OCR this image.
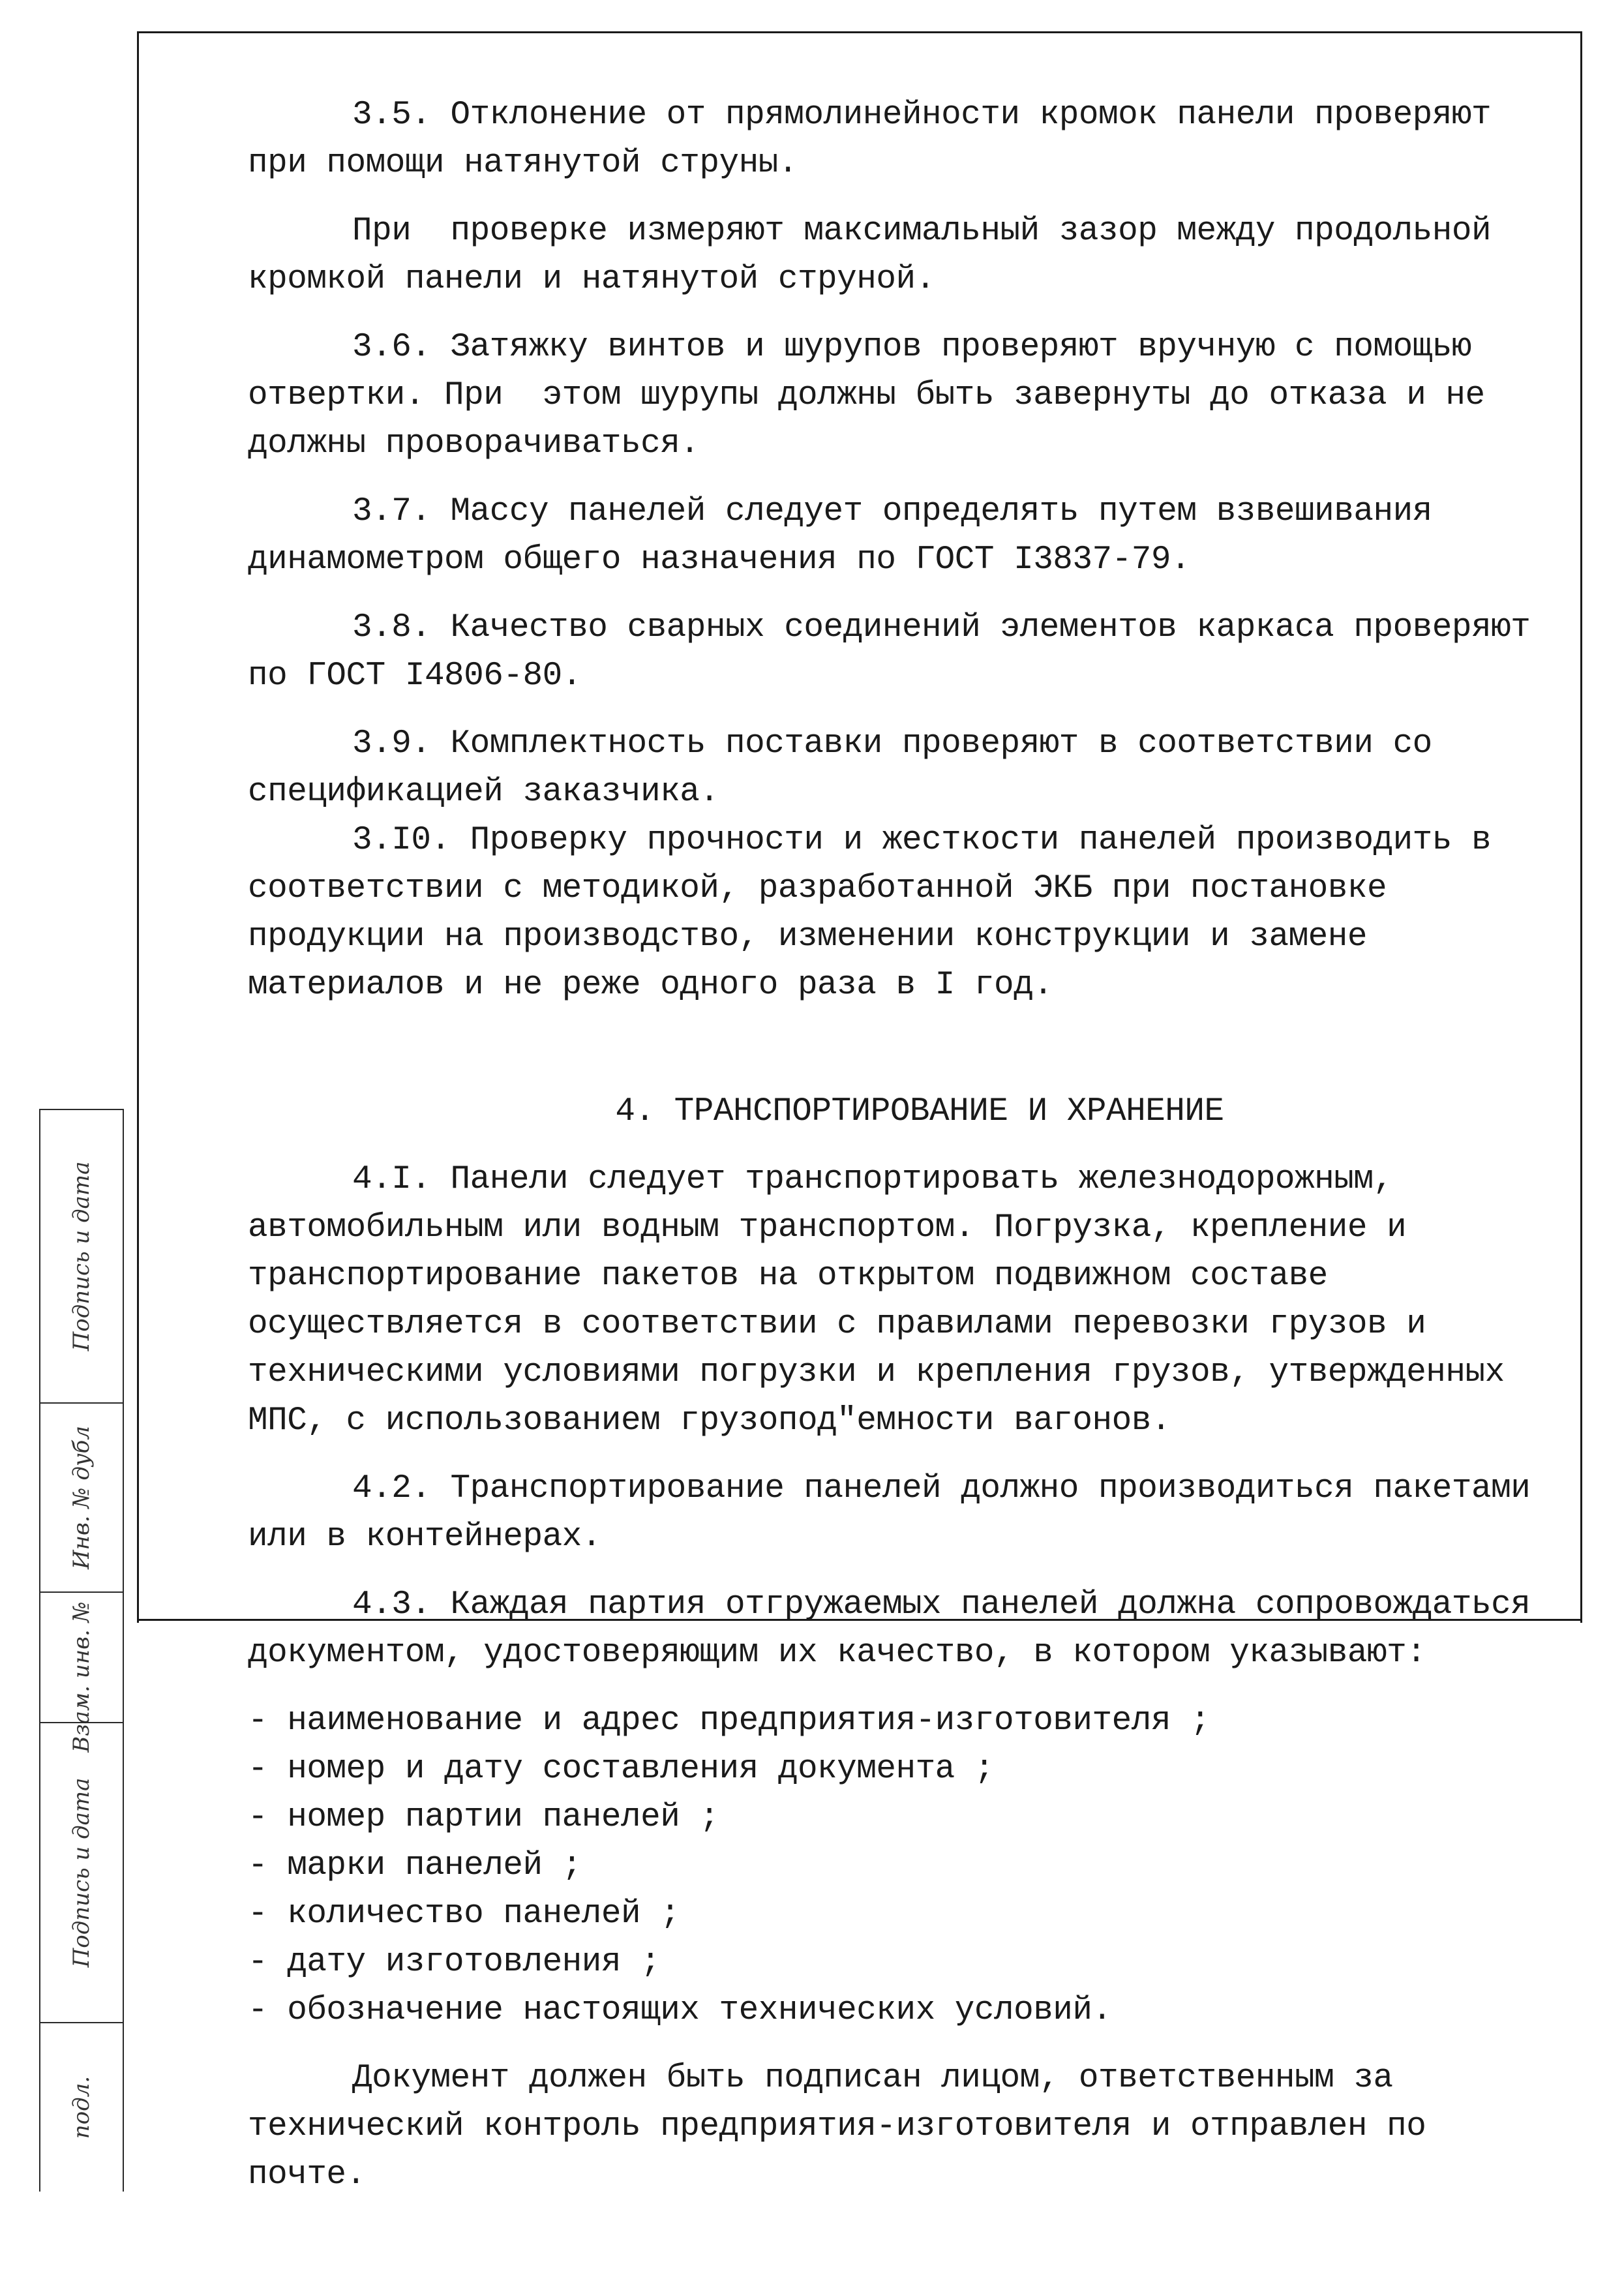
3.5. Отклонение от прямолинейности кромок панели проверяют при помощи натянутой струны.

При  проверке измеряют максимальный зазор между продольной кромкой панели и натянутой струной.

3.6. Затяжку винтов и шурупов проверяют вручную с помощью отвертки. При  этом шурупы должны быть завернуты до отказа и не должны проворачиваться.

3.7. Массу панелей следует определять путем взвешивания динамометром общего назначения по ГОСТ I3837-79.

3.8. Качество сварных соединений элементов каркаса проверяют по ГОСТ I4806-80.

3.9. Комплектность поставки проверяют в соответствии со спецификацией заказчика.

3.I0. Проверку прочности и жесткости панелей производить в соответствии с методикой, разработанной ЭКБ при постановке продукции на производство, изменении конструкции и замене материалов и не реже одного раза в I год.

4. ТРАНСПОРТИРОВАНИЕ И ХРАНЕНИЕ

4.I. Панели следует транспортировать железнодорожным, автомобильным или водным транспортом. Погрузка, крепление и транспортирование пакетов на открытом подвижном составе осуществляется в соответствии с правилами перевозки грузов и техническими условиями погрузки и крепления грузов, утвержденных МПС, с использованием грузопод"емности вагонов.

4.2. Транспортирование панелей должно производиться пакетами или в контейнерах.

4.3. Каждая партия отгружаемых панелей должна сопровождаться документом, удостоверяющим их качество, в котором указывают:

- наименование и адрес предприятия-изготовителя ;

- номер и дату составления документа ;

- номер партии панелей ;

- марки панелей ;

- количество панелей ;

- дату изготовления ;

- обозначение настоящих технических условий.

Документ должен быть подписан лицом, ответственным за технический контроль предприятия-изготовителя и отправлен по почте.

Подпись и дата
Инв. № дубл
Взам. инв. №
Подпись и дата
подл.
